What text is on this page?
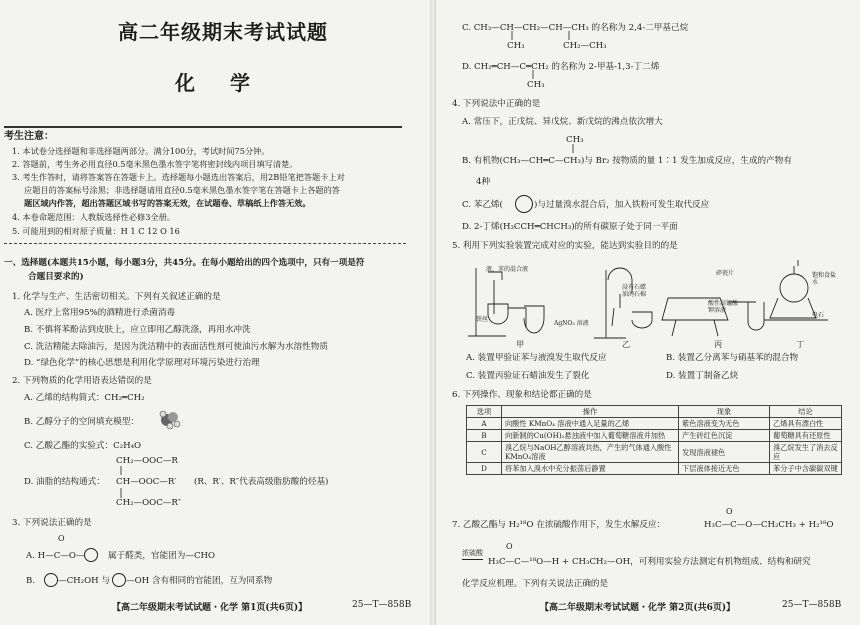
高二年级期末考试试题
化 学
考生注意：
1. 本试卷分选择题和非选择题两部分。满分100分，考试时间75分钟。
2. 答题前，考生务必用直径0.5毫米黑色墨水签字笔将密封线内项目填写清楚。
3. 考生作答时，请将答案答在答题卡上。选择题每小题选出答案后，用2B铅笔把答题卡上对
应题目的答案标号涂黑；非选择题请用直径0.5毫米黑色墨水签字笔在答题卡上各题的答
题区域内作答，超出答题区域书写的答案无效，在试题卷、草稿纸上作答无效。
4. 本卷命题范围：人教版选择性必修3全册。
5. 可能用到的相对原子质量：H 1 C 12 O 16
一、选择题(本题共15小题，每小题3分，共45分。在每小题给出的四个选项中，只有一项是符
合题目要求的)
1. 化学与生产、生活密切相关。下列有关叙述正确的是
A. 医疗上常用95%的酒精进行杀菌消毒
B. 不慎将苯酚沾到皮肤上，应立即用乙醇洗涤，再用水冲洗
C. 洗洁精能去除油污，是因为洗洁精中的表面活性剂可使油污水解为水溶性物质
D. “绿色化学”的核心思想是利用化学原理对环境污染进行治理
2. 下列物质的化学用语表达错误的是
A. 乙烯的结构简式：CH₂═CH₂
B. 乙醇分子的空间填充模型：
C. 乙酸乙酯的实验式：C₂H₄O
CH₂—OOC—R
D. 油脂的结构通式： CH—OOC—R′ (R、R′、R″代表高级脂肪酸的烃基)
CH₂—OOC—R″
3. 下列说法正确的是
O
A. H—C—O—	属于醛类，官能团为—CHO
B.	—CH₂OH 与 —OH 含有相同的官能团，互为同系物
【高二年级期末考试试题・化学 第1页(共6页)】	25—T—858B
C. CH₃—CH—CH₂—CH—CH₃ 的名称为 2,4-二甲基己烷
CH₃	CH₂—CH₃
D. CH₂═CH—C═CH₂ 的名称为 2-甲基-1,3-丁二烯
CH₃
4. 下列说法中正确的是
A. 常压下，正戊烷、异戊烷、新戊烷的沸点依次增大
CH₃
B. 有机物(CH₃—CH═C—CH₃)与 Br₂ 按物质的量 1∶1 发生加成反应，生成的产物有
4种
C. 苯乙烯(	)与过量溴水混合后，加入铁粉可发生取代反应
D. 2-丁烯(H₃CCH═CHCH₃)的所有碳原子处于同一平面
5. 利用下列实验装置完成对应的实验，能达到实验目的的是
液、苯的混合液
铁丝
AgNO₃ 溶液
碎瓷片
浸有石蜡油的石棉
酸性高锰酸钾溶液
饱和食盐水
电石
甲	乙	丙	丁
A. 装置甲验证苯与液溴发生取代反应	B. 装置乙分离苯与硝基苯的混合物
C. 装置丙验证石蜡油发生了裂化	D. 装置丁制备乙炔
6. 下列操作、现象和结论都正确的是
选项	操作	现象	结论
A	向酸性 KMnO₄ 溶液中通入足量的乙烯	紫色溶液变为无色	乙烯具有漂白性
B	向新制的Cu(OH)₂悬浊液中加入葡萄糖溶液并加热	产生砖红色沉淀	葡萄糖具有还原性
C	溴乙烷与NaOH乙醇溶液共热，产生的气体通入酸性KMnO₄溶液	发现溶液褪色	溴乙烷发生了消去反应
D	将苯加入溴水中充分振荡后静置	下层液体接近无色	苯分子中含碳碳双键
7. 乙酸乙酯与 H₂¹⁸O 在浓硫酸作用下，发生水解反应：
O
H₃C—C—O—CH₂CH₃ + H₂¹⁸O
浓硫酸
O
H₃C—C—¹⁸O—H + CH₃CH₂—OH，可利用实验方法测定有机物组成、结构和研究
化学反应机理。下列有关说法正确的是
【高二年级期末考试试题・化学 第2页(共6页)】	25—T—858B
